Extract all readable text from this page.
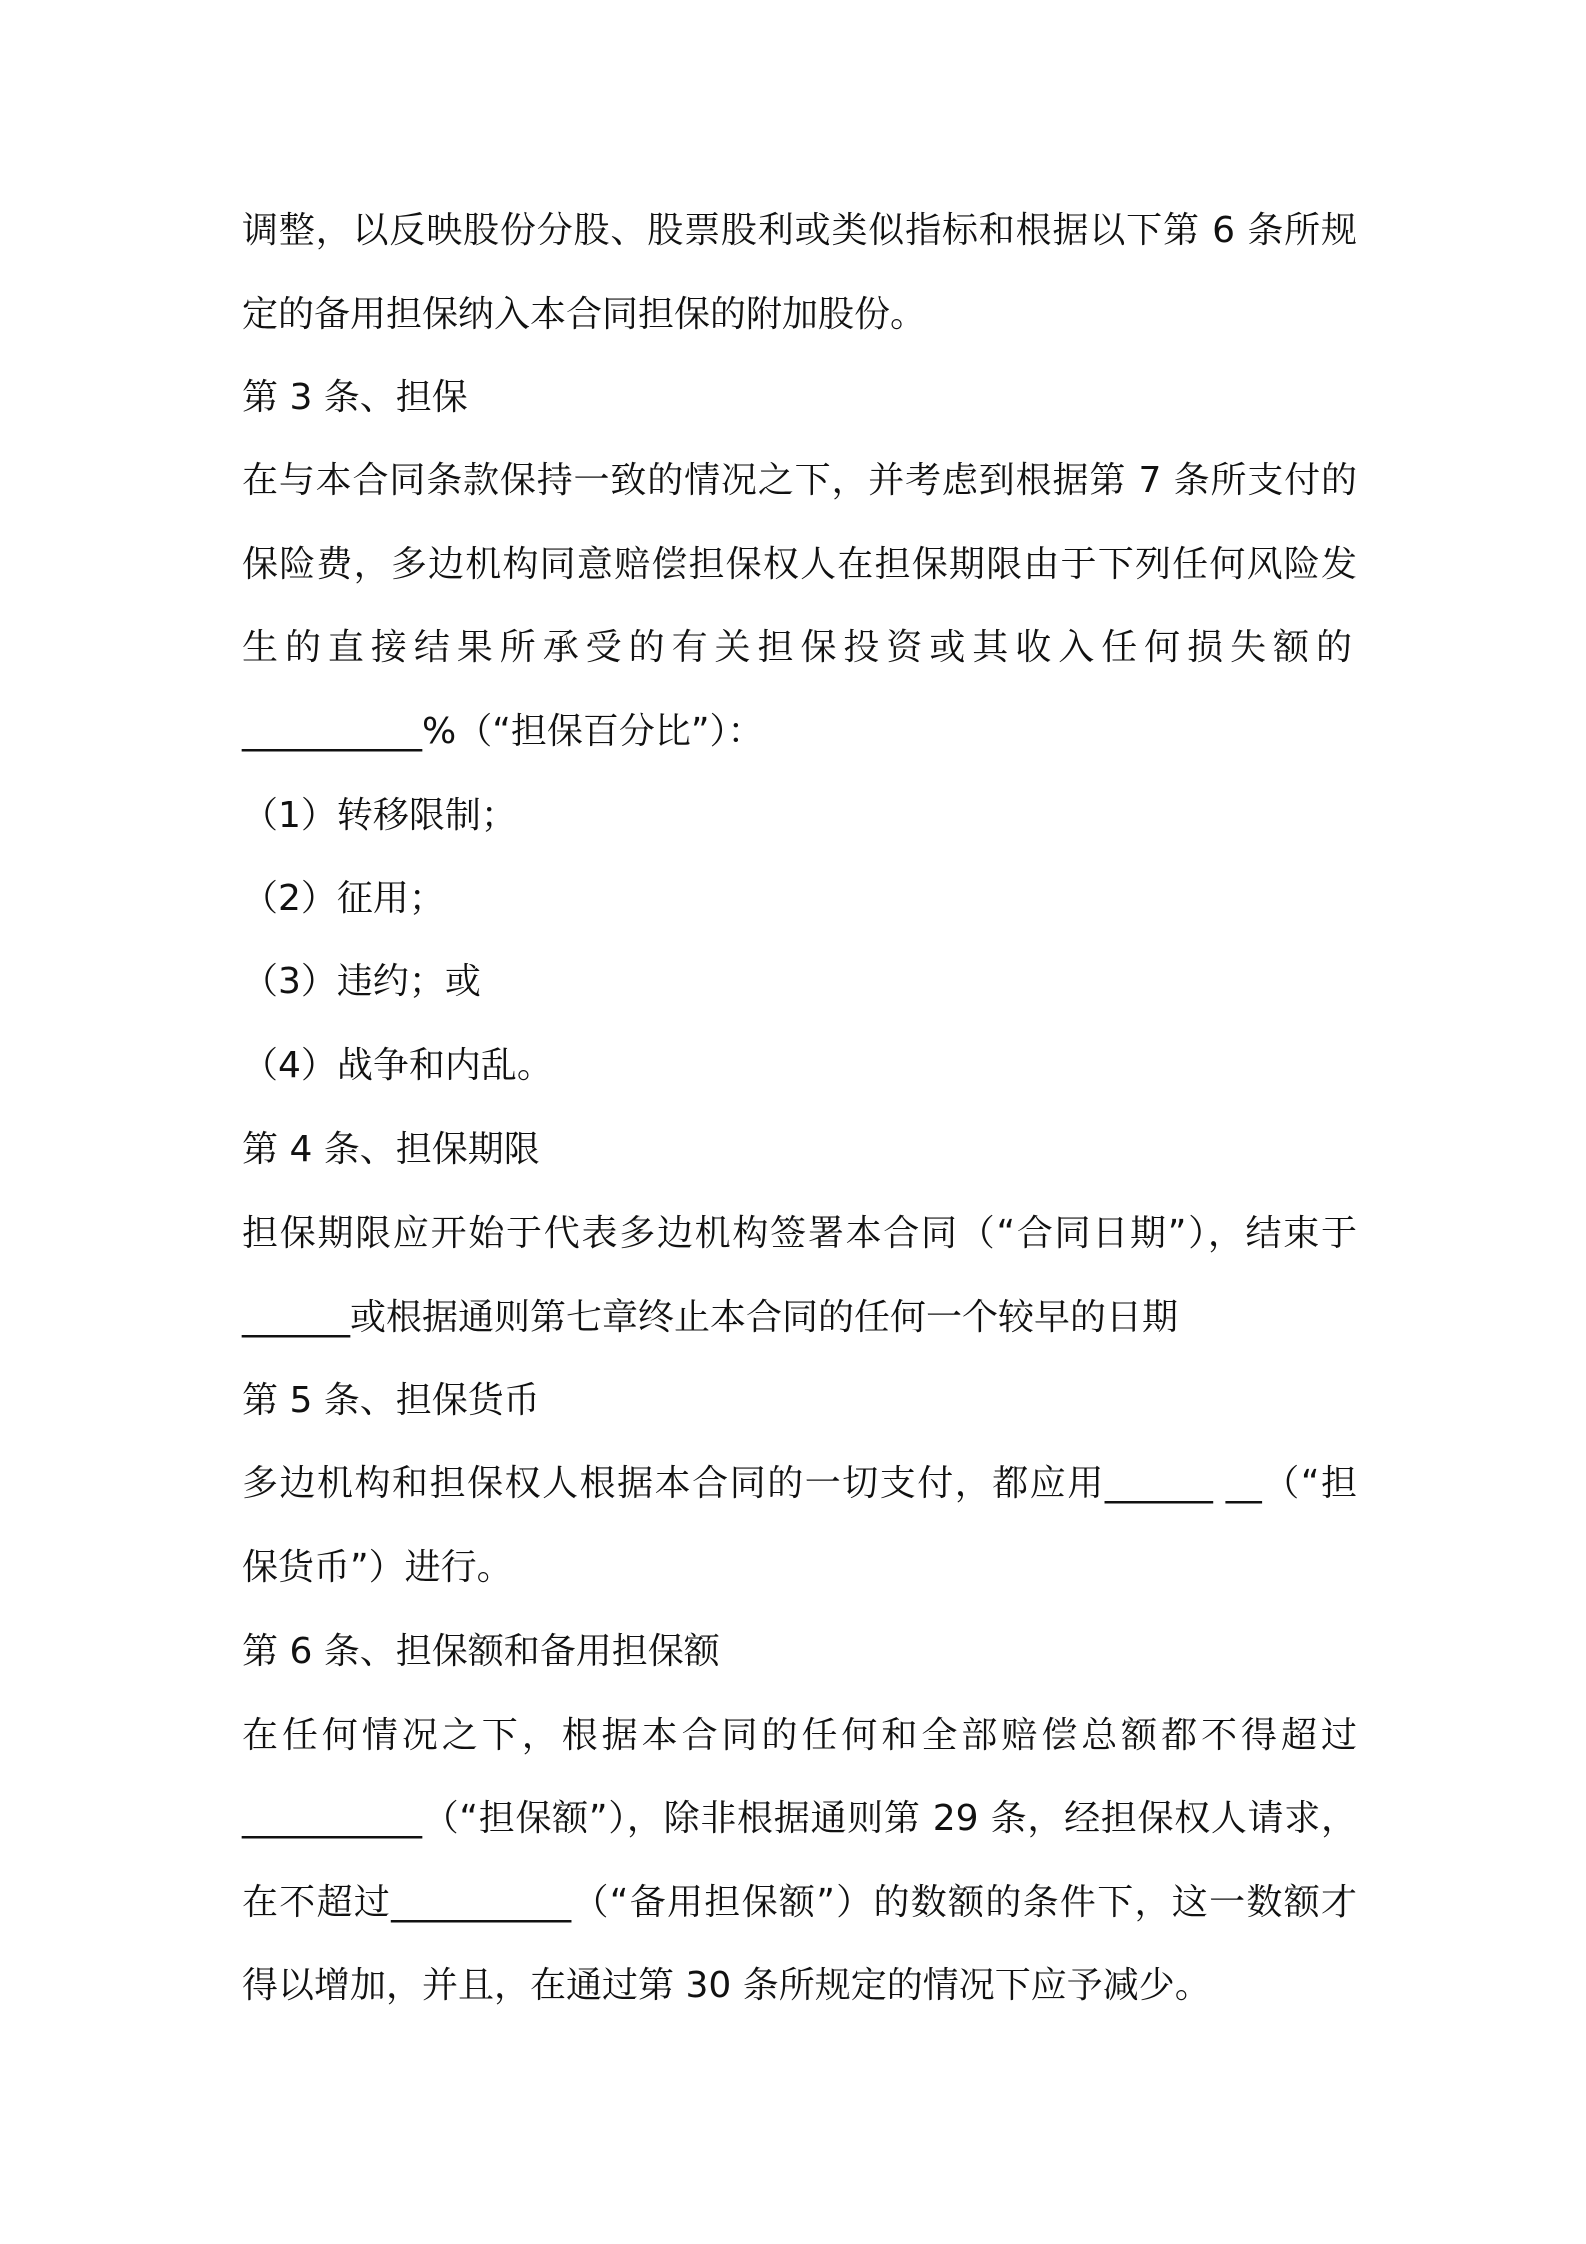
调整，以反映股份分股、股票股利或类似指标和根据以下第 6 条所规
定的备用担保纳入本合同担保的附加股份。
第 3 条、担保
在与本合同条款保持一致的情况之下，并考虑到根据第 7 条所支付的
保险费，多边机构同意赔偿担保权人在担保期限由于下列任何风险发
生的直接结果所承受的有关担保投资或其收入任何损失额的
__________%（“担保百分比”）：
（1）转移限制；
（2）征用；
（3）违约；或
（4）战争和内乱。
第 4 条、担保期限
担保期限应开始于代表多边机构签署本合同（“合同日期”），结束于
______或根据通则第七章终止本合同的任何一个较早的日期
第 5 条、担保货币
多边机构和担保权人根据本合同的一切支付，都应用______ __（“担
保货币”）进行。
第 6 条、担保额和备用担保额
在任何情况之下，根据本合同的任何和全部赔偿总额都不得超过
__________（“担保额”），除非根据通则第 29 条，经担保权人请求，
在不超过__________（“备用担保额”）的数额的条件下，这一数额才
得以增加，并且，在通过第 30 条所规定的情况下应予减少。
